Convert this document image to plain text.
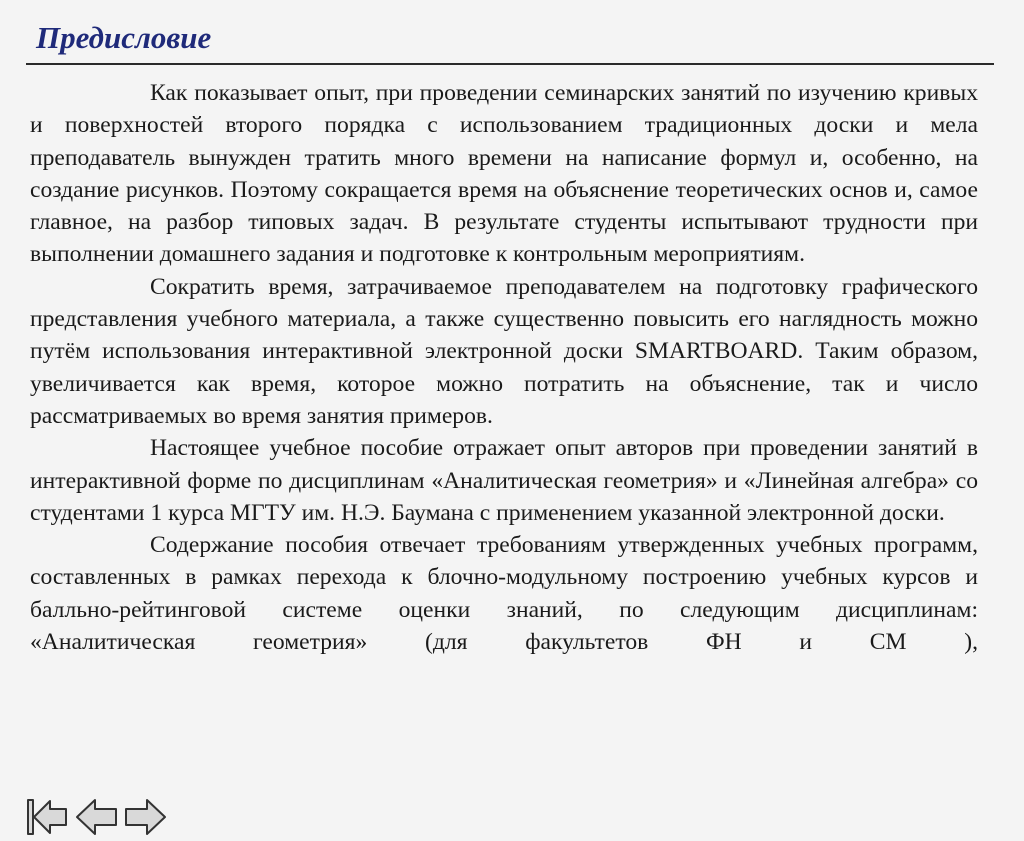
Предисловие

Как показывает опыт, при проведении семинарских занятий по изучению кривых и поверхностей второго порядка с использованием традиционных доски и мела преподаватель вынужден тратить много времени на написание формул и, особенно, на создание рисунков. Поэтому сокращается время на объяснение теоретических основ и, самое главное, на разбор типовых задач. В результате студенты испытывают трудности при выполнении домашнего задания и подготовке к контрольным мероприятиям.

Сократить время, затрачиваемое преподавателем на подготовку графического представления учебного материала, а также существенно повысить его наглядность можно путём использования интерактивной электронной доски SMARTBOARD. Таким образом, увеличивается как время, которое можно потратить на объяснение, так и число рассматриваемых во время занятия примеров.

Настоящее учебное пособие отражает опыт авторов при проведении занятий в интерактивной форме по дисциплинам «Аналитическая геометрия» и «Линейная алгебра» со студентами 1 курса МГТУ им. Н.Э. Баумана с применением указанной электронной доски.

Содержание пособия отвечает требованиям утвержденных учебных программ, составленных в рамках перехода к блочно-модульному построению учебных курсов и балльно-рейтинговой системе оценки знаний, по следующим дисциплинам: «Аналитическая геометрия» (для факультетов ФН и СМ ),
